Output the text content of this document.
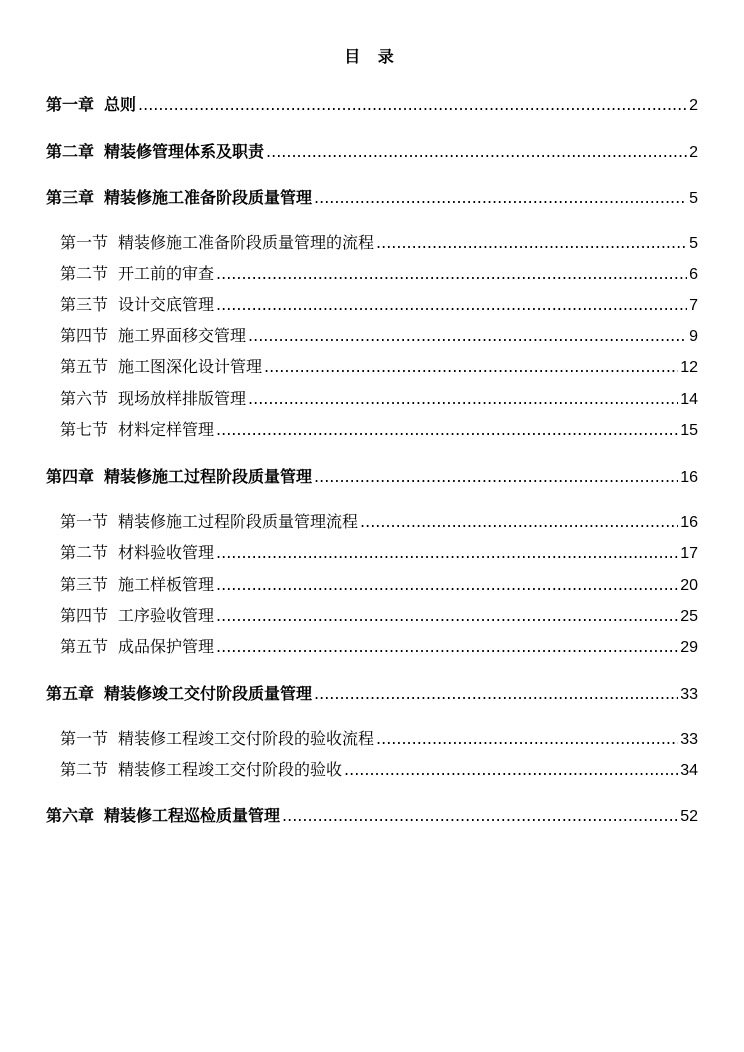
目 录
第一章 总则 .....	2
第二章 精装修管理体系及职责 .....	2
第三章 精装修施工准备阶段质量管理 .....	5
第一节 精装修施工准备阶段质量管理的流程 .....	5
第二节 开工前的审查 .....	6
第三节 设计交底管理 .....	7
第四节 施工界面移交管理 .....	9
第五节 施工图深化设计管理 .....	12
第六节 现场放样排版管理 .....	14
第七节 材料定样管理 .....	15
第四章 精装修施工过程阶段质量管理 .....	16
第一节 精装修施工过程阶段质量管理流程 .....	16
第二节 材料验收管理 .....	17
第三节 施工样板管理 .....	20
第四节 工序验收管理 .....	25
第五节 成品保护管理 .....	29
第五章 精装修竣工交付阶段质量管理 .....	33
第一节 精装修工程竣工交付阶段的验收流程 .....	33
第二节 精装修工程竣工交付阶段的验收 .....	34
第六章 精装修工程巡检质量管理 .....	52
